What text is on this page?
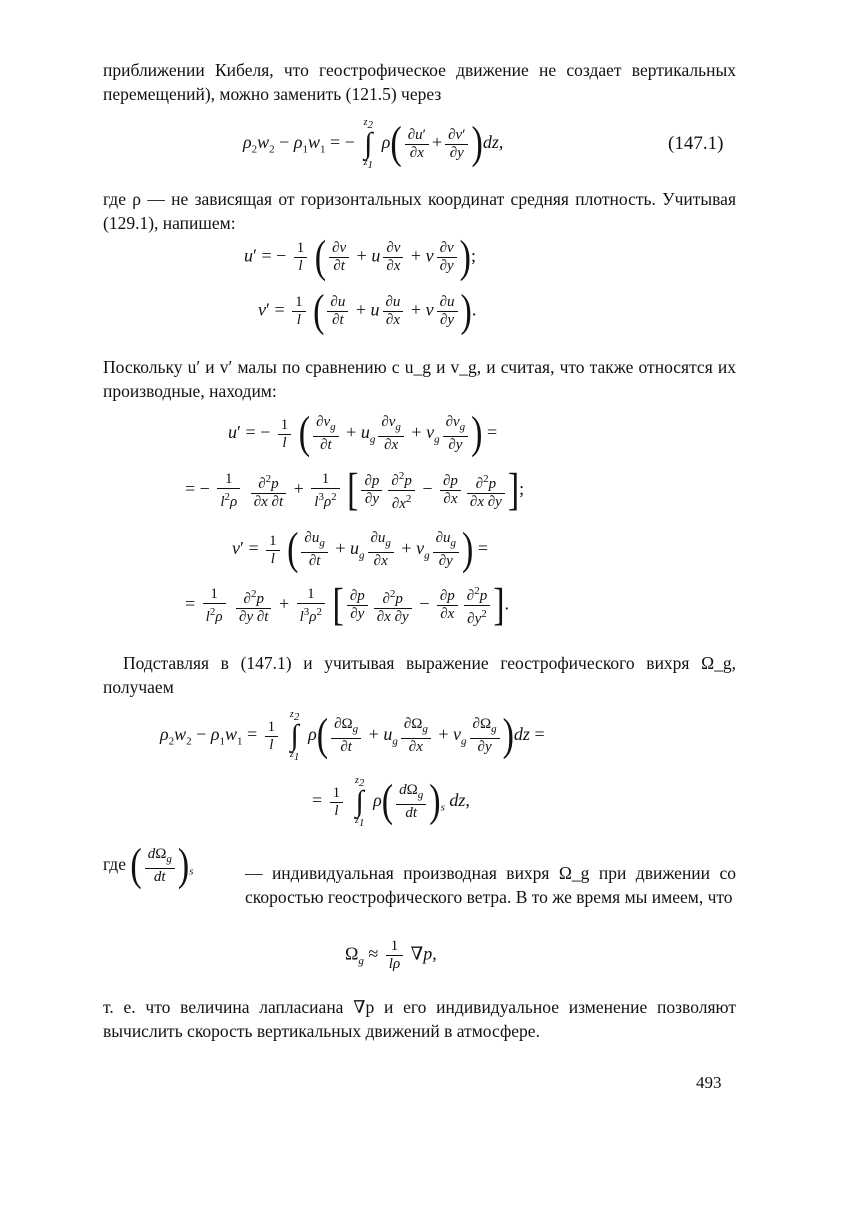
приближении Кибеля, что геострофическое движение не создает вертикальных перемещений), можно заменить (121.5) через

$\rho_2w_2 - \rho_1w_1$ = −
$z_2$
∫
$z_1$
$\rho( \frac{\partial u'}{\partial x} + \frac{\partial v'}{\partial y} )dz$,	(147.1)

где ρ — не зависящая от горизонтальных координат средняя плотность. Учитывая (129.1), напишем:

u′ = − $\frac{1}{l}$ ( $\frac{\partial v}{\partial t} + u \frac{\partial v}{\partial x} + v \frac{\partial v}{\partial y}$ );
$v' = \frac{1}{l}$ ( $\frac{\partial u}{\partial t} + u \frac{\partial u}{\partial x} + v \frac{\partial u}{\partial y}$ ).

Поскольку u′ и v′ малы по сравнению с u_g и v_g, и считая, что также относятся их производные, находим:

u′ = − $\frac{1}{l}$ ( $\frac{\partial v_g}{\partial t} + u_g \frac{\partial v_g}{\partial x} + v_g \frac{\partial v_g}{\partial y}$ ) =
= − $\frac{1}{l^2\rho}$
$\frac{\partial^2p}{\partial x \partial t} + \frac{1}{l^3\rho^2}$ [ $\frac{\partial p}{\partial y} \frac{\partial^2p}{\partial x^2} - \frac{\partial p}{\partial x} \frac{\partial^2p}{\partial x \partial y}$ ];
$v' = \frac{1}{l}$ ( $\frac{\partial u_g}{\partial t} + u_g \frac{\partial u_g}{\partial x} + v_g \frac{\partial u_g}{\partial y}$ ) =
= $\frac{1}{l^2\rho}$
$\frac{\partial^2p}{\partial y \partial t} + \frac{1}{l^3\rho^2}$ [ $\frac{\partial p}{\partial y} \frac{\partial^2p}{\partial x \partial y} - \frac{\partial p}{\partial x} \frac{\partial^2p}{\partial y^2}$ ].

Подставляя в (147.1) и учитывая выражение геострофического вихря Ω_g, получаем

$\rho_2w_2 - \rho_1w_1 = \frac{1}{l}$

$z_2$
∫
$z_1$
$\rho( \frac{\partial\Omega_g}{\partial t} + u_g \frac{\partial\Omega_g}{\partial x} + v_g \frac{\partial\Omega_g}{\partial y} )dz$ =
= $\frac{1}{l}$

$z_2$
∫
$z_1$
$\rho( \frac{d\Omega_g}{dt} )_s$ dz,
где ( $\frac{d\Omega_g}{dt} )_s$	— индивидуальная производная вихря Ω_g при движении со скоростью геострофического ветра. В то же время мы имеем, что

$\Omega_g \approx \frac{1}{l\rho} \nabla p$,

т. е. что величина лапласиана ∇p и его индивидуальное изменение позволяют вычислить скорость вертикальных движений в атмосфере.

493
